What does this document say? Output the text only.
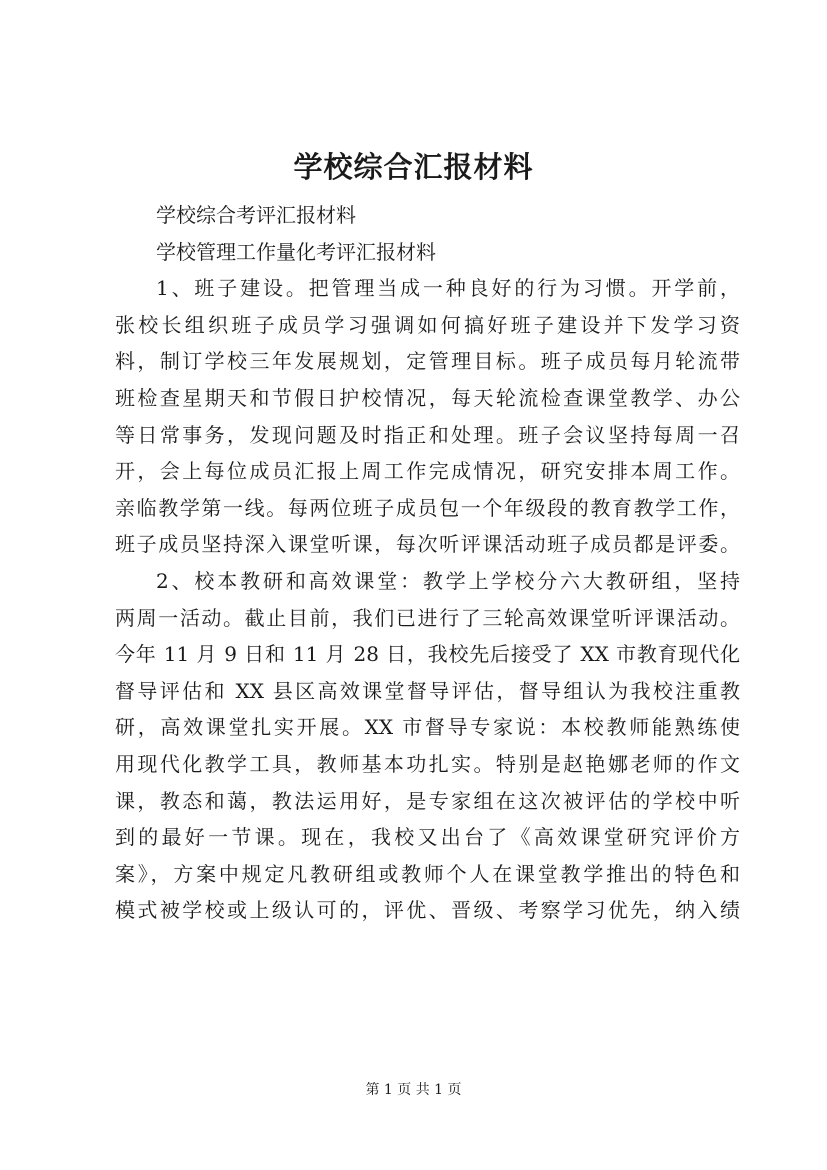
学校综合汇报材料
学校综合考评汇报材料
学校管理工作量化考评汇报材料
1、班子建设。把管理当成一种良好的行为习惯。开学前，
张校长组织班子成员学习强调如何搞好班子建设并下发学习资
料，制订学校三年发展规划，定管理目标。班子成员每月轮流带
班检查星期天和节假日护校情况，每天轮流检查课堂教学、办公
等日常事务，发现问题及时指正和处理。班子会议坚持每周一召
开，会上每位成员汇报上周工作完成情况，研究安排本周工作。
亲临教学第一线。每两位班子成员包一个年级段的教育教学工作，
班子成员坚持深入课堂听课，每次听评课活动班子成员都是评委。
2、校本教研和高效课堂：教学上学校分六大教研组，坚持
两周一活动。截止目前，我们已进行了三轮高效课堂听评课活动。
今年 11 月 9 日和 11 月 28 日，我校先后接受了 XX 市教育现代化
督导评估和 XX 县区高效课堂督导评估，督导组认为我校注重教
研，高效课堂扎实开展。XX 市督导专家说：本校教师能熟练使
用现代化教学工具，教师基本功扎实。特别是赵艳娜老师的作文
课，教态和蔼，教法运用好，是专家组在这次被评估的学校中听
到的最好一节课。现在，我校又出台了《高效课堂研究评价方
案》，方案中规定凡教研组或教师个人在课堂教学推出的特色和
模式被学校或上级认可的，评优、晋级、考察学习优先，纳入绩
第 1 页 共 1 页
